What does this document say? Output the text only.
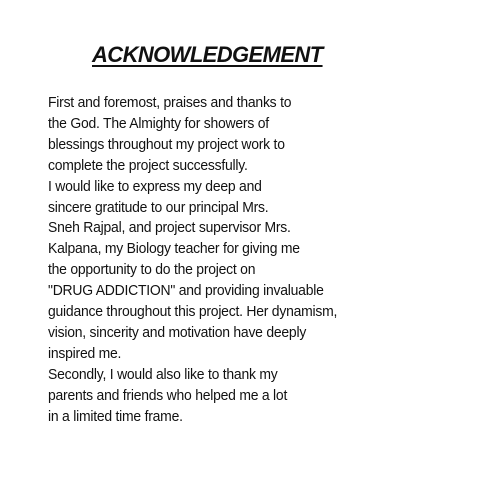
ACKNOWLEDGEMENT
First and foremost, praises and thanks to
the God. The Almighty for showers of
blessings throughout my project work to
complete the project successfully.
I would like to express my deep and
sincere gratitude to our principal Mrs.
Sneh Rajpal, and project supervisor Mrs.
Kalpana, my Biology teacher for giving me
the opportunity to do the project on
"DRUG ADDICTION" and providing invaluable
guidance throughout this project. Her dynamism,
vision, sincerity and motivation have deeply
inspired me.
Secondly, I would also like to thank my
parents and friends who helped me a lot
in a limited time frame.
